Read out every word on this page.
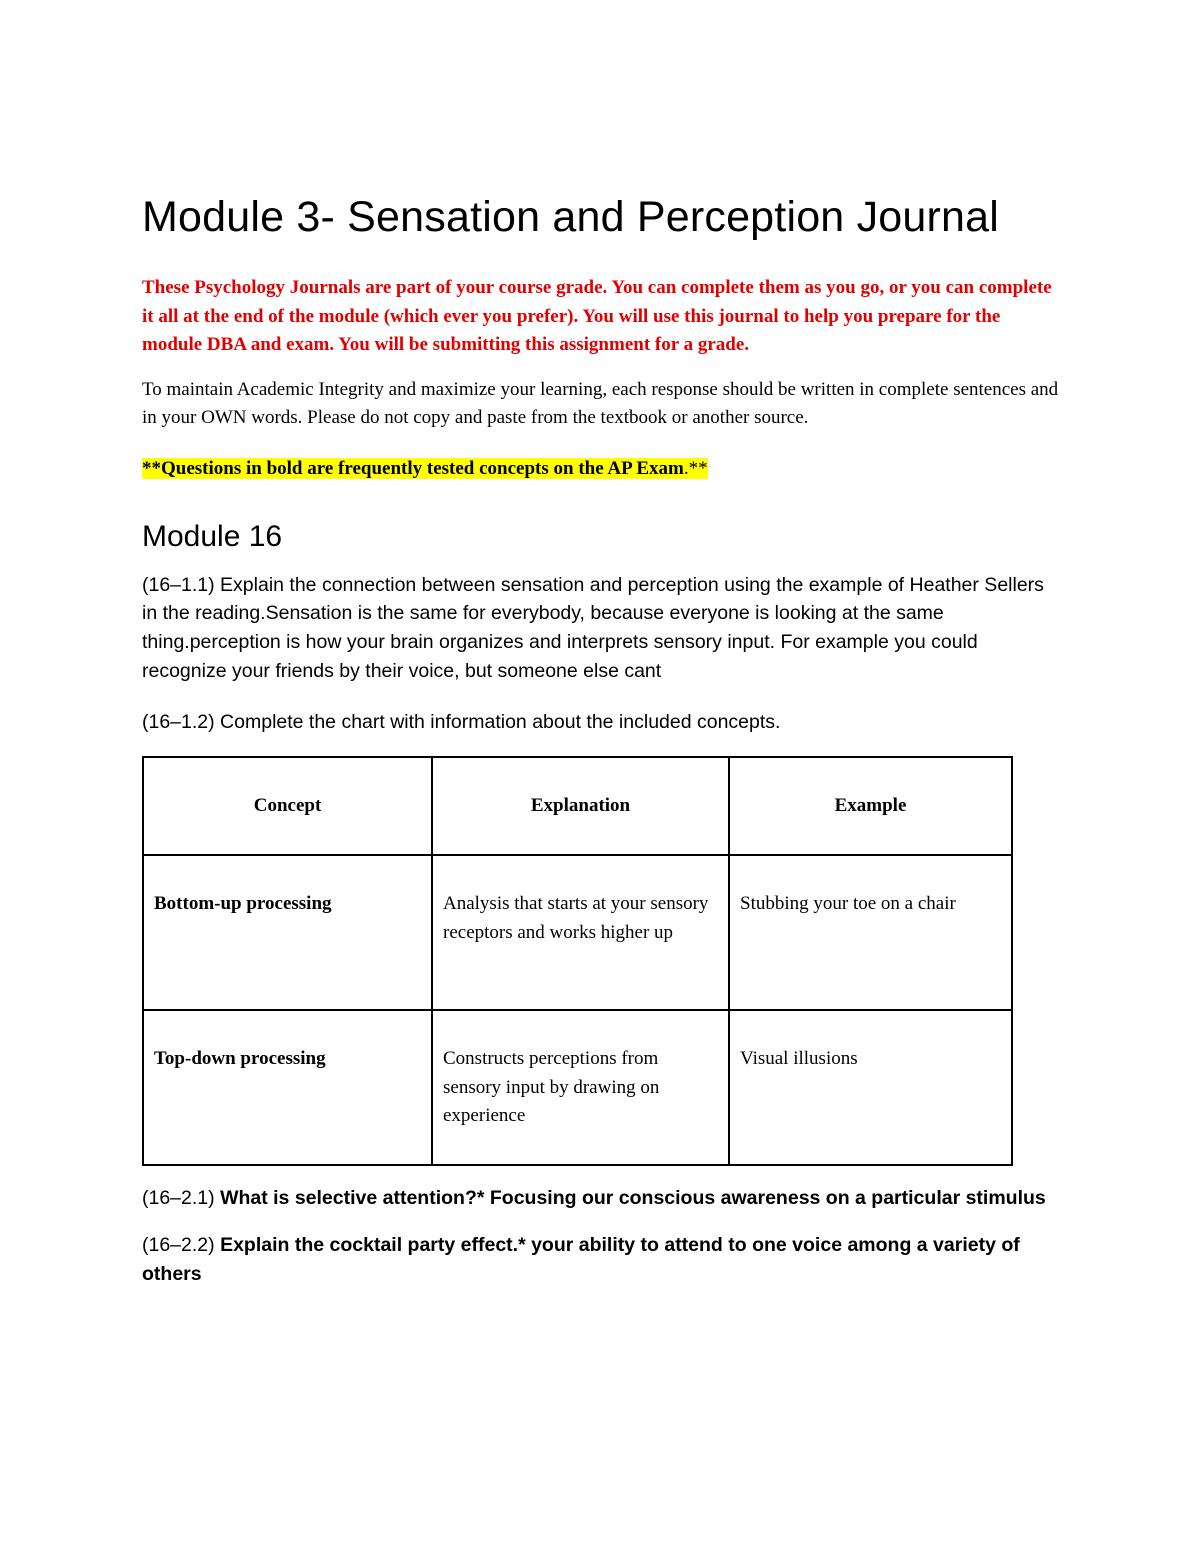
Module 3- Sensation and Perception Journal

These Psychology Journals are part of your course grade. You can complete them as you go, or you can complete it all at the end of the module (which ever you prefer). You will use this journal to help you prepare for the module DBA and exam. You will be submitting this assignment for a grade.

To maintain Academic Integrity and maximize your learning, each response should be written in complete sentences and in your OWN words. Please do not copy and paste from the textbook or another source.

**Questions in bold are frequently tested concepts on the AP Exam.**

Module 16

(16–1.1) Explain the connection between sensation and perception using the example of Heather Sellers in the reading.Sensation is the same for everybody, because everyone is looking at the same thing.perception is how your brain organizes and interprets sensory input. For example you could recognize your friends by their voice, but someone else cant

(16–1.2) Complete the chart with information about the included concepts.

Concept	Explanation	Example

Bottom-up processing	Analysis that starts at your sensory receptors and works higher up	Stubbing your toe on a chair

Top-down processing	Constructs perceptions from sensory input by drawing on experience	Visual illusions

(16–2.1) What is selective attention?* Focusing our conscious awareness on a particular stimulus

(16–2.2) Explain the cocktail party effect.* your ability to attend to one voice among a variety of others
